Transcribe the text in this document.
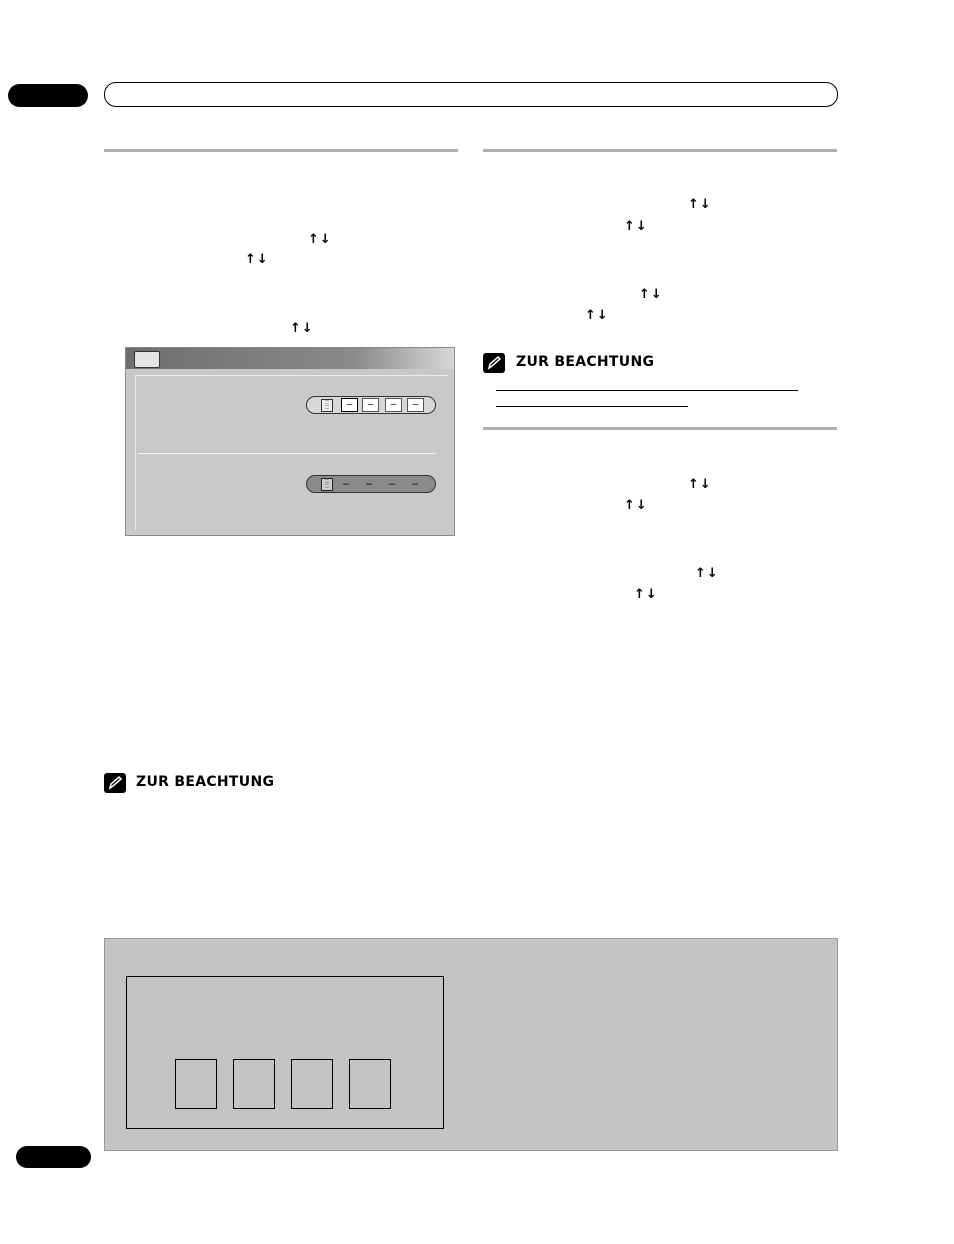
↑↓
↑↓
↑↓
::
::	–	–	–	–
::
::	– – – –
ZUR BEACHTUNG
↑↓
↑↓
↑↓
↑↓
ZUR BEACHTUNG
↑↓
↑↓
↑↓
↑↓
